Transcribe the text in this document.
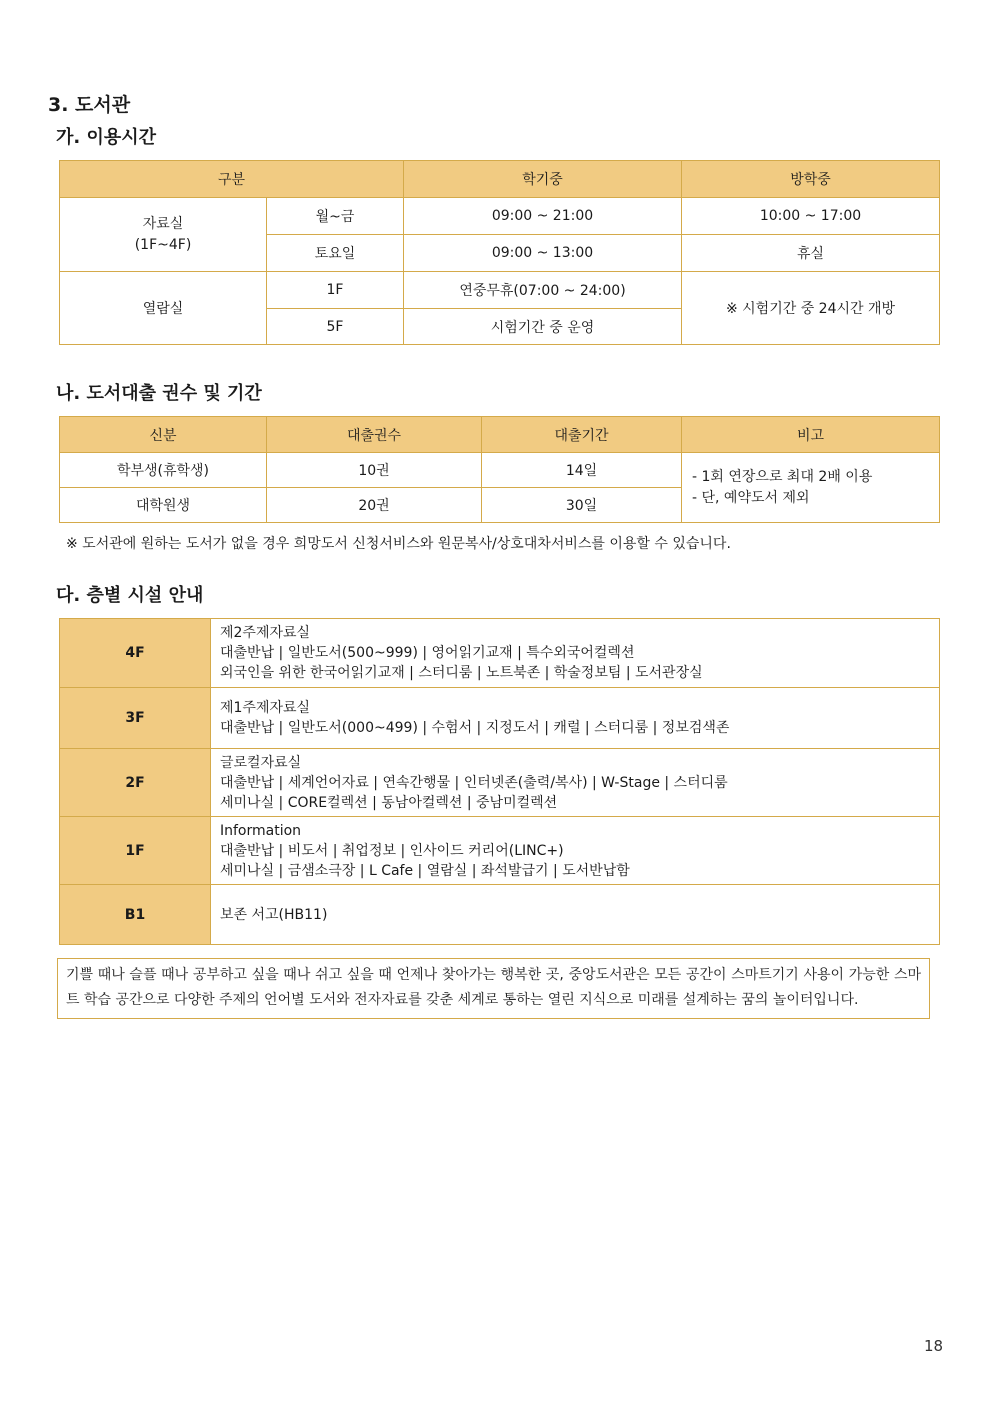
3. 도서관
가. 이용시간
구분		학기중	방학중

자료실
(1F~4F)	월~금	09:00 ~ 21:00	10:00 ~ 17:00
	토요일	09:00 ~ 13:00	휴실
열람실	1F	연중무휴(07:00 ~ 24:00)	※ 시험기간 중 24시간 개방
	5F	시험기간 중 운영	
나. 도서대출 권수 및 기간
신분	대출권수	대출기간	비고
학부생(휴학생)	10권	14일	- 1회 연장으로 최대 2배 이용
- 단, 예약도서 제외

대학원생	20권	30일	
※ 도서관에 원하는 도서가 없을 경우 희망도서 신청서비스와 원문복사/상호대차서비스를 이용할 수 있습니다.
다. 층별 시설 안내
4F	제2주제자료실
대출반납 | 일반도서(500~999) | 영어읽기교재 | 특수외국어컬렉션
외국인을 위한 한국어읽기교재 | 스터디룸 | 노트북존 | 학술정보팀 | 도서관장실

3F	제1주제자료실
대출반납 | 일반도서(000~499) | 수험서 | 지정도서 | 캐럴 | 스터디룸 | 정보검색존

2F	글로컬자료실
대출반납 | 세계언어자료 | 연속간행물 | 인터넷존(출력/복사) | W-Stage | 스터디룸
세미나실 | CORE컬렉션 | 동남아컬렉션 | 중남미컬렉션

1F	Information
대출반납 | 비도서 | 취업정보 | 인사이드 커리어(LINC+)
세미나실 | 금샘소극장 | L Cafe | 열람실 | 좌석발급기 | 도서반납함

B1	보존 서고(HB11)
기쁠 때나 슬플 때나 공부하고 싶을 때나 쉬고 싶을 때 언제나 찾아가는 행복한 곳, 중앙도서관은 모든 공간이 스마트기기 사용이 가능한 스마트 학습 공간으로 다양한 주제의 언어별 도서와 전자자료를 갖춘 세계로 통하는 열린 지식으로 미래를 설계하는 꿈의 놀이터입니다.
18
